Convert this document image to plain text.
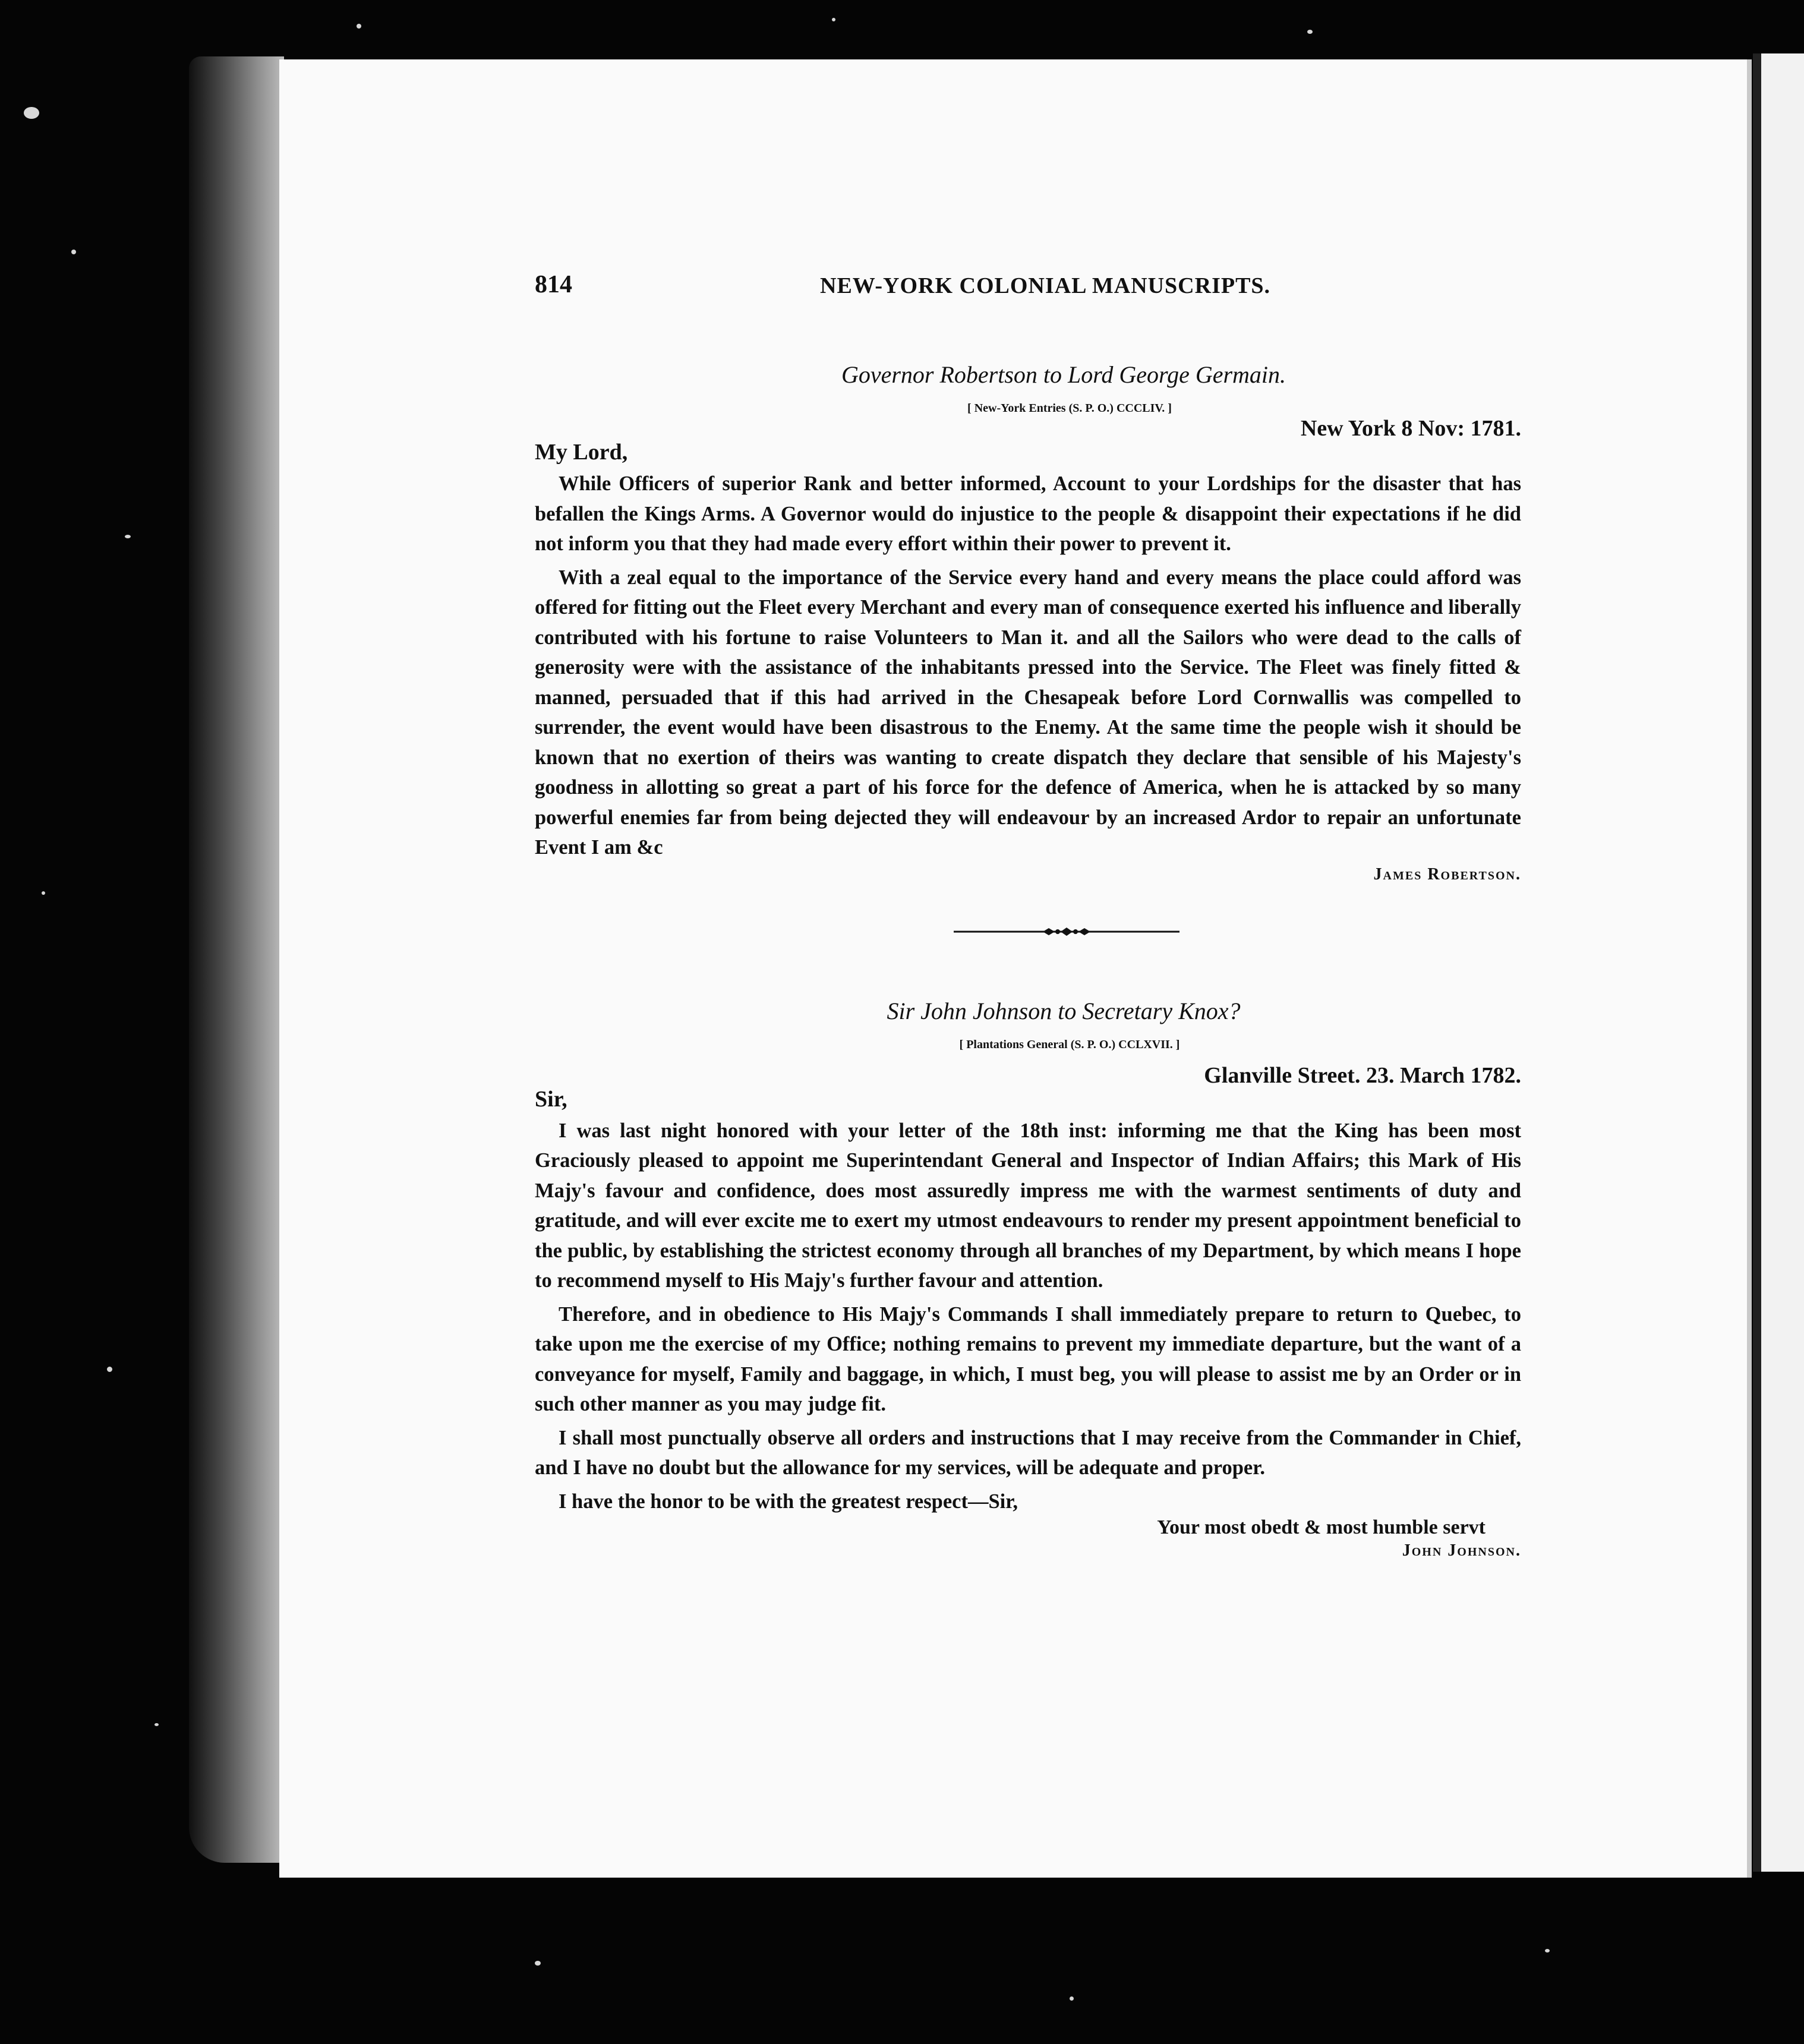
814	NEW-YORK COLONIAL MANUSCRIPTS.
Governor Robertson to Lord George Germain.
[ New-York Entries (S. P. O.) CCCLIV. ]
New York 8 Nov: 1781.
My Lord,

While Officers of superior Rank and better informed, Account to your Lordships for the disaster that has befallen the Kings Arms. A Governor would do injustice to the people & disappoint their expectations if he did not inform you that they had made every effort within their power to prevent it.

With a zeal equal to the importance of the Service every hand and every means the place could afford was offered for fitting out the Fleet every Merchant and every man of consequence exerted his influence and liberally contributed with his fortune to raise Volunteers to Man it. and all the Sailors who were dead to the calls of generosity were with the assistance of the inhabitants pressed into the Service. The Fleet was finely fitted & manned, persuaded that if this had arrived in the Chesapeak before Lord Cornwallis was compelled to surrender, the event would have been disastrous to the Enemy. At the same time the people wish it should be known that no exertion of theirs was wanting to create dispatch they declare that sensible of his Majesty's goodness in allotting so great a part of his force for the defence of America, when he is attacked by so many powerful enemies far from being dejected they will endeavour by an increased Ardor to repair an unfortunate Event I am &c

James Robertson.
Sir John Johnson to Secretary Knox?
[ Plantations General (S. P. O.) CCLXVII. ]
Glanville Street. 23. March 1782.
Sir,

I was last night honored with your letter of the 18th inst: informing me that the King has been most Graciously pleased to appoint me Superintendant General and Inspector of Indian Affairs; this Mark of His Majy's favour and confidence, does most assuredly impress me with the warmest sentiments of duty and gratitude, and will ever excite me to exert my utmost endeavours to render my present appointment beneficial to the public, by establishing the strictest economy through all branches of my Department, by which means I hope to recommend myself to His Majy's further favour and attention.

Therefore, and in obedience to His Majy's Commands I shall immediately prepare to return to Quebec, to take upon me the exercise of my Office; nothing remains to prevent my immediate departure, but the want of a conveyance for myself, Family and baggage, in which, I must beg, you will please to assist me by an Order or in such other manner as you may judge fit.

I shall most punctually observe all orders and instructions that I may receive from the Commander in Chief, and I have no doubt but the allowance for my services, will be adequate and proper.

I have the honor to be with the greatest respect—Sir,

Your most obedt & most humble servt
John Johnson.
